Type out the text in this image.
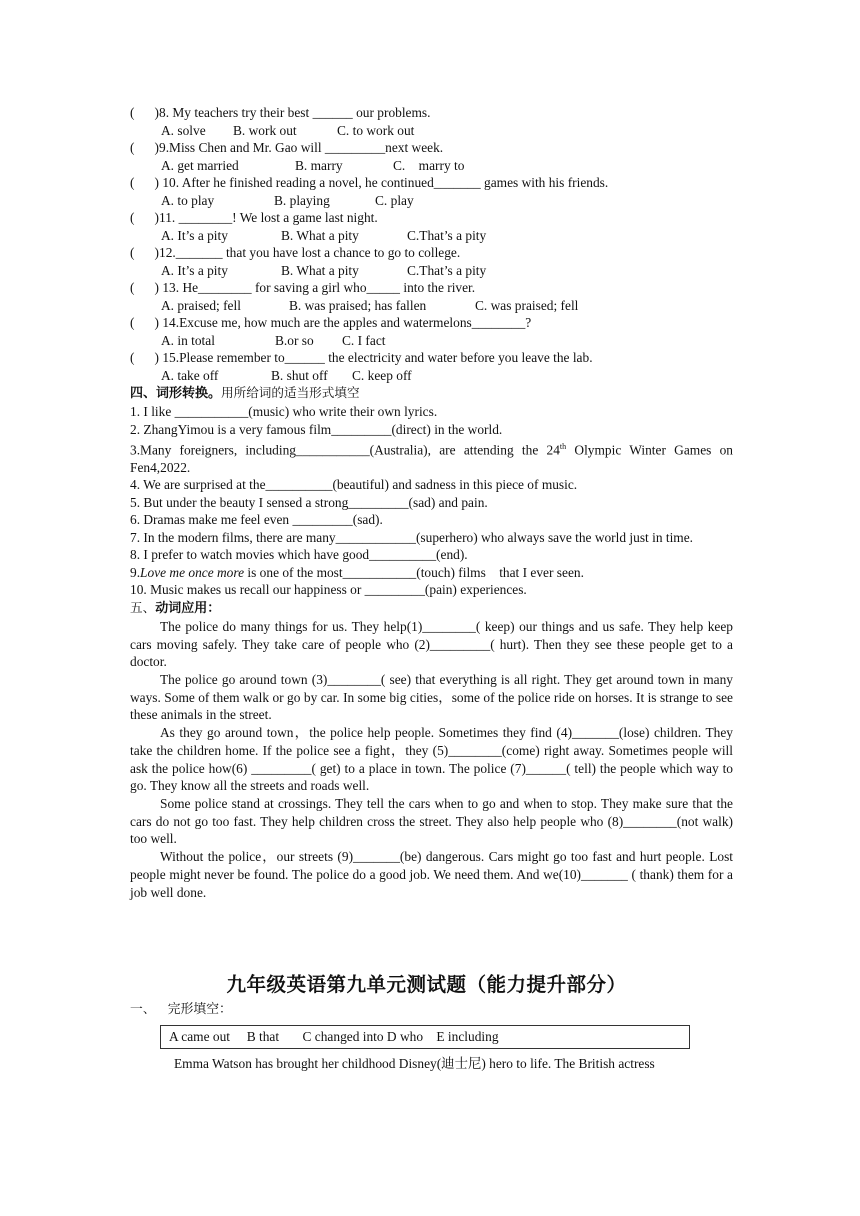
(      )8. My teachers try their best ______ our problems.
A. solve B. work out	C. to work out
(      )9.Miss Chen and Mr. Gao will _________next week.
A. get married	B. marry	C.    marry to
(      ) 10. After he finished reading a novel, he continued_______ games with his friends.
A. to play	B. playing	C. play
(      )11. ________! We lost a game last night.
A. It’s a pity	B. What a pity	C.That’s a pity
(      )12._______ that you have lost a chance to go to college.
A. It’s a pity	B. What a pity	C.That’s a pity
(      ) 13. He________ for saving a girl who_____ into the river.
A. praised; fell	B. was praised; has fallen	C. was praised; fell
(      ) 14.Excuse me, how much are the apples and watermelons________?
A. in total	B.or so C. I fact
(      ) 15.Please remember to______ the electricity and water before you leave the lab.
A. take off	B. shut off C. keep off
四、词形转换。用所给词的适当形式填空
1. I like ___________(music) who write their own lyrics.
2. ZhangYimou is a very famous film_________(direct) in the world.
3.Many foreigners, including___________(Australia), are attending the 24th Olympic Winter Games on Fen4,2022.
4. We are surprised at the__________(beautiful) and sadness in this piece of music.
5. But under the beauty I sensed a strong_________(sad) and pain.
6. Dramas make me feel even _________(sad).
7. In the modern films, there are many____________(superhero) who always save the world just in time.
8. I prefer to watch movies which have good__________(end).
9.Love me once more is one of the most___________(touch) films    that I ever seen.
10. Music makes us recall our happiness or _________(pain) experiences.
五、动词应用：
The police do many things for us. They help(1)________( keep) our things and us safe. They help keep cars moving safely. They take care of people who (2)_________( hurt). Then they see these people get to a doctor.
The police go around town (3)________( see) that everything is all right. They get around town in many ways. Some of them walk or go by car. In some big cities，some of the police ride on horses. It is strange to see these animals in the street.
As they go around town，the police help people. Sometimes they find (4)_______(lose) children. They take the children home. If the police see a fight，they (5)________(come) right away. Sometimes people will ask the police how(6) _________( get) to a place in town. The police (7)______( tell) the people which way to go. They know all the streets and roads well.
Some police stand at crossings. They tell the cars when to go and when to stop. They make sure that the cars do not go too fast. They help children cross the street. They also help people who (8)________(not walk) too well.
Without the police，our streets (9)_______(be) dangerous. Cars might go too fast and hurt people. Lost people might never be found. The police do a good job. We need them. And we(10)_______ ( thank) them for a job well done.
九年级英语第九单元测试题（能力提升部分）
一、   完形填空：
A came out     B that       C changed into D who    E including
Emma Watson has brought her childhood Disney(迪士尼) hero to life. The British actress
